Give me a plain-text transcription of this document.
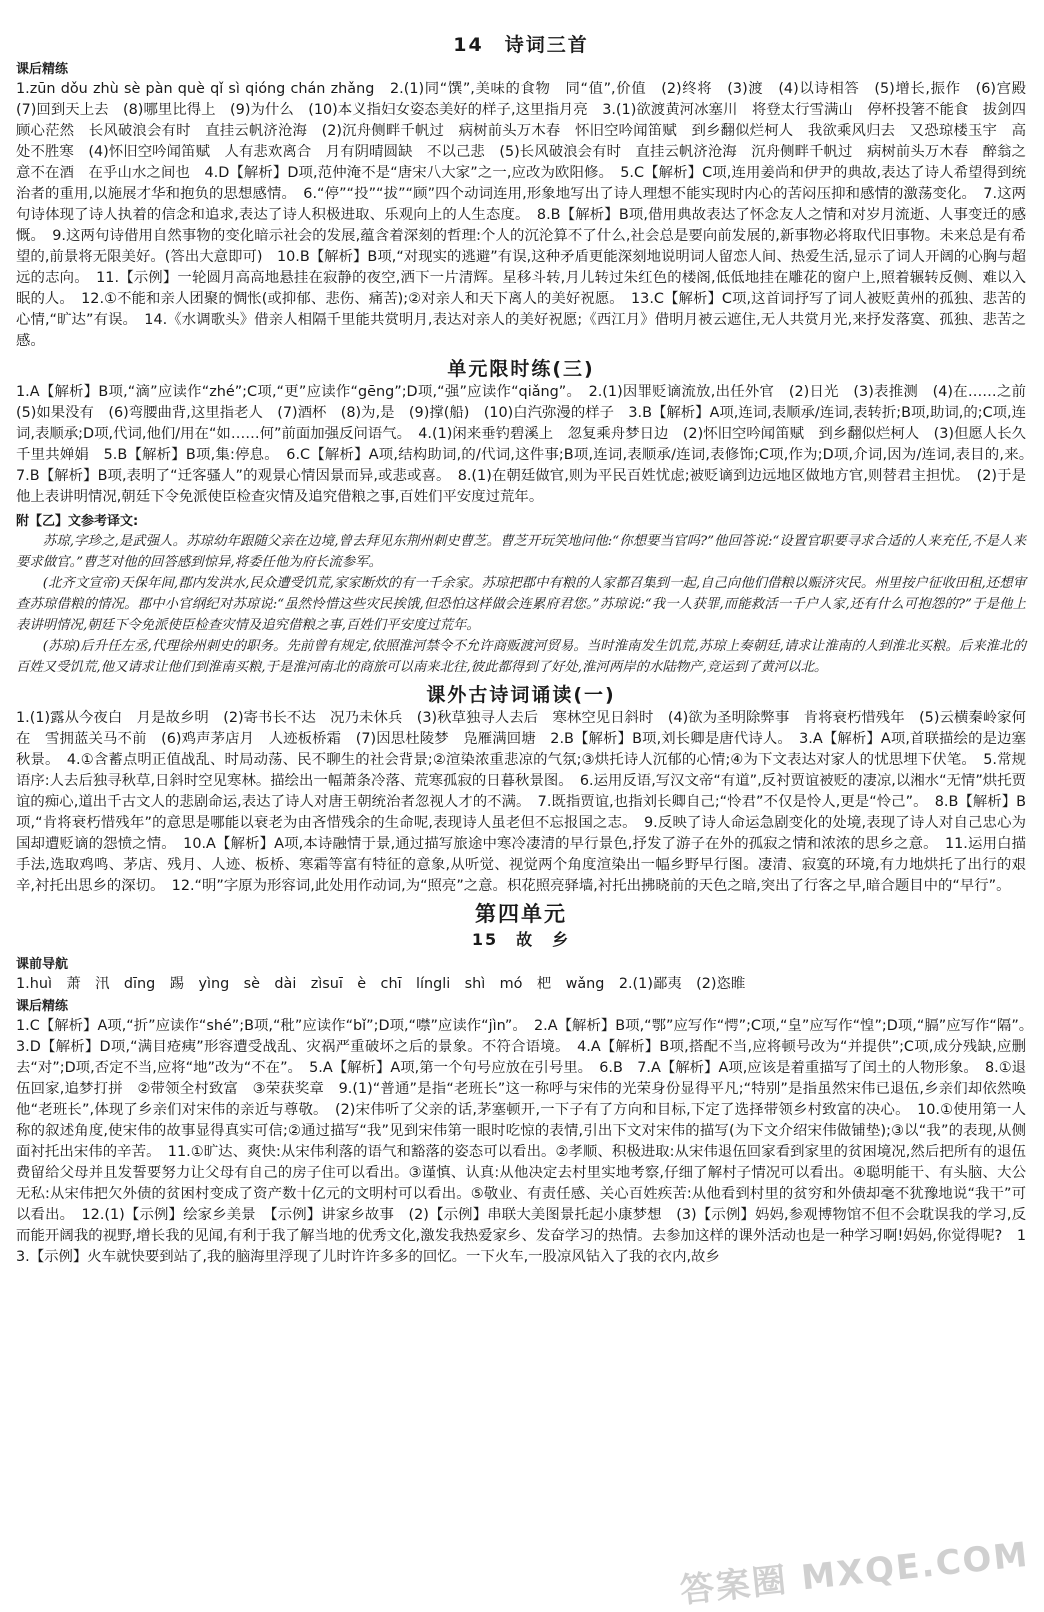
14　诗词三首
课后精练

1.zūn dǒu zhù sè pàn què qǐ sì qióng chán zhǎng　2.(1)同“馔”,美味的食物　同“值”,价值　(2)终将　(3)渡　(4)以诗相答　(5)增长,振作　(6)宫殿　(7)回到天上去　(8)哪里比得上　(9)为什么　(10)本义指妇女姿态美好的样子,这里指月亮　3.(1)欲渡黄河冰塞川　将登太行雪满山　停杯投箸不能食　拔剑四顾心茫然　长风破浪会有时　直挂云帆济沧海　(2)沉舟侧畔千帆过　病树前头万木春　怀旧空吟闻笛赋　到乡翻似烂柯人　我欲乘风归去　又恐琼楼玉宇　高处不胜寒　(4)怀旧空吟闻笛赋　人有悲欢离合　月有阴晴圆缺　不以己悲　(5)长风破浪会有时　直挂云帆济沧海　沉舟侧畔千帆过　病树前头万木春　醉翁之意不在酒　在乎山水之间也　4.D【解析】D项,范仲淹不是“唐宋八大家”之一,应改为欧阳修。　5.C【解析】C项,连用姜尚和伊尹的典故,表达了诗人希望得到统治者的重用,以施展才华和抱负的思想感情。　6.“停”“投”“拔”“顾”四个动词连用,形象地写出了诗人理想不能实现时内心的苦闷压抑和感情的激荡变化。　7.这两句诗体现了诗人执着的信念和追求,表达了诗人积极进取、乐观向上的人生态度。　8.B【解析】B项,借用典故表达了怀念友人之情和对岁月流逝、人事变迁的感慨。　9.这两句诗借用自然事物的变化暗示社会的发展,蕴含着深刻的哲理:个人的沉沦算不了什么,社会总是要向前发展的,新事物必将取代旧事物。未来总是有希望的,前景将无限美好。(答出大意即可)　10.B【解析】B项,“对现实的逃避”有误,这种矛盾更能深刻地说明词人留恋人间、热爱生活,显示了词人开阔的心胸与超远的志向。　11.【示例】一轮圆月高高地悬挂在寂静的夜空,洒下一片清辉。星移斗转,月儿转过朱红色的楼阁,低低地挂在雕花的窗户上,照着辗转反侧、难以入眠的人。　12.①不能和亲人团聚的惆怅(或抑郁、悲伤、痛苦);②对亲人和天下离人的美好祝愿。　13.C【解析】C项,这首词抒写了词人被贬黄州的孤独、悲苦的心情,“旷达”有误。　14.《水调歌头》借亲人相隔千里能共赏明月,表达对亲人的美好祝愿;《西江月》借明月被云遮住,无人共赏月光,来抒发落寞、孤独、悲苦之感。

单元限时练(三)

1.A【解析】B项,“滴”应读作“zhé”;C项,“更”应读作“gēng”;D项,“强”应读作“qiǎng”。　2.(1)因罪贬谪流放,出任外官　(2)日光　(3)表推测　(4)在……之前　(5)如果没有　(6)弯腰曲背,这里指老人　(7)酒杯　(8)为,是　(9)撑(船)　(10)白汽弥漫的样子　3.B【解析】A项,连词,表顺承/连词,表转折;B项,助词,的;C项,连词,表顺承;D项,代词,他们/用在“如……何”前面加强反问语气。　4.(1)闲来垂钓碧溪上　忽复乘舟梦日边　(2)怀旧空吟闻笛赋　到乡翻似烂柯人　(3)但愿人长久　千里共婵娟　5.B【解析】B项,集:停息。　6.C【解析】A项,结构助词,的/代词,这件事;B项,连词,表顺承/连词,表修饰;C项,作为;D项,介词,因为/连词,表目的,来。　7.B【解析】B项,表明了“迁客骚人”的观景心情因景而异,或悲或喜。　8.(1)在朝廷做官,则为平民百姓忧虑;被贬谪到边远地区做地方官,则替君主担忧。　(2)于是他上表讲明情况,朝廷下令免派使臣检查灾情及追究借粮之事,百姓们平安度过荒年。

附【乙】文参考译文:

苏琼,字珍之,是武强人。苏琼幼年跟随父亲在边境,曾去拜见东荆州刺史曹芝。曹芝开玩笑地问他:“你想要当官吗?”他回答说:“设置官职要寻求合适的人来充任,不是人来要求做官。”曹芝对他的回答感到惊异,将委任他为府长流参军。

(北齐文宣帝)天保年间,郡内发洪水,民众遭受饥荒,家家断炊的有一千余家。苏琼把郡中有粮的人家都召集到一起,自己向他们借粮以赈济灾民。州里按户征收田租,还想审查苏琼借粮的情况。郡中小官纲纪对苏琼说:“虽然怜惜这些灾民挨饿,但恐怕这样做会连累府君您。”苏琼说:“我一人获罪,而能救活一千户人家,还有什么可抱怨的?”于是他上表讲明情况,朝廷下令免派使臣检查灾情及追究借粮之事,百姓们平安度过荒年。

(苏琼)后升任左丞,代理徐州刺史的职务。先前曾有规定,依照淮河禁令不允许商贩渡河贸易。当时淮南发生饥荒,苏琼上奏朝廷,请求让淮南的人到淮北买粮。后来淮北的百姓又受饥荒,他又请求让他们到淮南买粮,于是淮河南北的商旅可以南来北往,彼此都得到了好处,淮河两岸的水陆物产,竞运到了黄河以北。

课外古诗词诵读(一)

1.(1)露从今夜白　月是故乡明　(2)寄书长不达　况乃未休兵　(3)秋草独寻人去后　寒林空见日斜时　(4)欲为圣明除弊事　肯将衰朽惜残年　(5)云横秦岭家何在　雪拥蓝关马不前　(6)鸡声茅店月　人迹板桥霜　(7)因思杜陵梦　凫雁满回塘　2.B【解析】B项,刘长卿是唐代诗人。　3.A【解析】A项,首联描绘的是边塞秋景。　4.①含蓄点明正值战乱、时局动荡、民不聊生的社会背景;②渲染浓重悲凉的气氛;③烘托诗人沉郁的心情;④为下文表达对家人的忧思埋下伏笔。　5.常规语序:人去后独寻秋草,日斜时空见寒林。描绘出一幅萧条冷落、荒寒孤寂的日暮秋景图。　6.运用反语,写汉文帝“有道”,反衬贾谊被贬的凄凉,以湘水“无情”烘托贾谊的痴心,道出千古文人的悲剧命运,表达了诗人对唐王朝统治者忽视人才的不满。　7.既指贾谊,也指刘长卿自己;“怜君”不仅是怜人,更是“怜己”。　8.B【解析】B项,“肯将衰朽惜残年”的意思是哪能以衰老为由吝惜残余的生命呢,表现诗人虽老但不忘报国之志。　9.反映了诗人命运急剧变化的处境,表现了诗人对自己忠心为国却遭贬谪的怨愤之情。　10.A【解析】A项,本诗融情于景,通过描写旅途中寒冷凄清的早行景色,抒发了游子在外的孤寂之情和浓浓的思乡之意。　11.运用白描手法,选取鸡鸣、茅店、残月、人迹、板桥、寒霜等富有特征的意象,从听觉、视觉两个角度渲染出一幅乡野早行图。凄清、寂寞的环境,有力地烘托了出行的艰辛,衬托出思乡的深切。　12.“明”字原为形容词,此处用作动词,为“照亮”之意。枳花照亮驿墙,衬托出拂晓前的天色之暗,突出了行客之早,暗合题目中的“早行”。

第四单元
15　故　乡
课前导航

1.huì　萧　汛　dīng　踢　yìng　sè　dài　zìsuī　è　chī　língli　shì　mó　杷　wǎng　2.(1)鄙夷　(2)恣睢

课后精练

1.C【解析】A项,“折”应读作“shé”;B项,“秕”应读作“bǐ”;D项,“噤”应读作“jìn”。　2.A【解析】B项,“鄂”应写作“愕”;C项,“皇”应写作“惶”;D项,“膈”应写作“隔”。　3.D【解析】D项,“满目疮痍”形容遭受战乱、灾祸严重破坏之后的景象。不符合语境。　4.A【解析】B项,搭配不当,应将顿号改为“并提供”;C项,成分残缺,应删去“对”;D项,否定不当,应将“地”改为“不在”。　5.A【解析】A项,第一个句号应放在引号里。　6.B　7.A【解析】A项,应该是着重描写了闰土的人物形象。　8.①退伍回家,追梦打拼　②带领全村致富　③荣获奖章　9.(1)“普通”是指“老班长”这一称呼与宋伟的光荣身份显得平凡;“特别”是指虽然宋伟已退伍,乡亲们却依然唤他“老班长”,体现了乡亲们对宋伟的亲近与尊敬。　(2)宋伟听了父亲的话,茅塞顿开,一下子有了方向和目标,下定了选择带领乡村致富的决心。　10.①使用第一人称的叙述角度,使宋伟的故事显得真实可信;②通过描写“我”见到宋伟第一眼时吃惊的表情,引出下文对宋伟的描写(为下文介绍宋伟做铺垫);③以“我”的表现,从侧面衬托出宋伟的辛苦。　11.①旷达、爽快:从宋伟利落的语气和豁落的姿态可以看出。②孝顺、积极进取:从宋伟退伍回家看到家里的贫困境况,然后把所有的退伍费留给父母并且发誓要努力让父母有自己的房子住可以看出。③谨慎、认真:从他决定去村里实地考察,仔细了解村子情况可以看出。④聪明能干、有头脑、大公无私:从宋伟把欠外债的贫困村变成了资产数十亿元的文明村可以看出。⑤敬业、有责任感、关心百姓疾苦:从他看到村里的贫穷和外债却毫不犹豫地说“我干”可以看出。　12.(1)【示例】绘家乡美景　【示例】讲家乡故事　(2)【示例】串联大美图景托起小康梦想　(3)【示例】妈妈,参观博物馆不但不会耽误我的学习,反而能开阔我的视野,增长我的见闻,有利于我了解当地的优秀文化,激发我热爱家乡、发奋学习的热情。去参加这样的课外活动也是一种学习啊!妈妈,你觉得呢?　13.【示例】火车就快要到站了,我的脑海里浮现了儿时许许多多的回忆。一下火车,一股凉风钻入了我的衣内,故乡

答案圈 MXQE.COM
